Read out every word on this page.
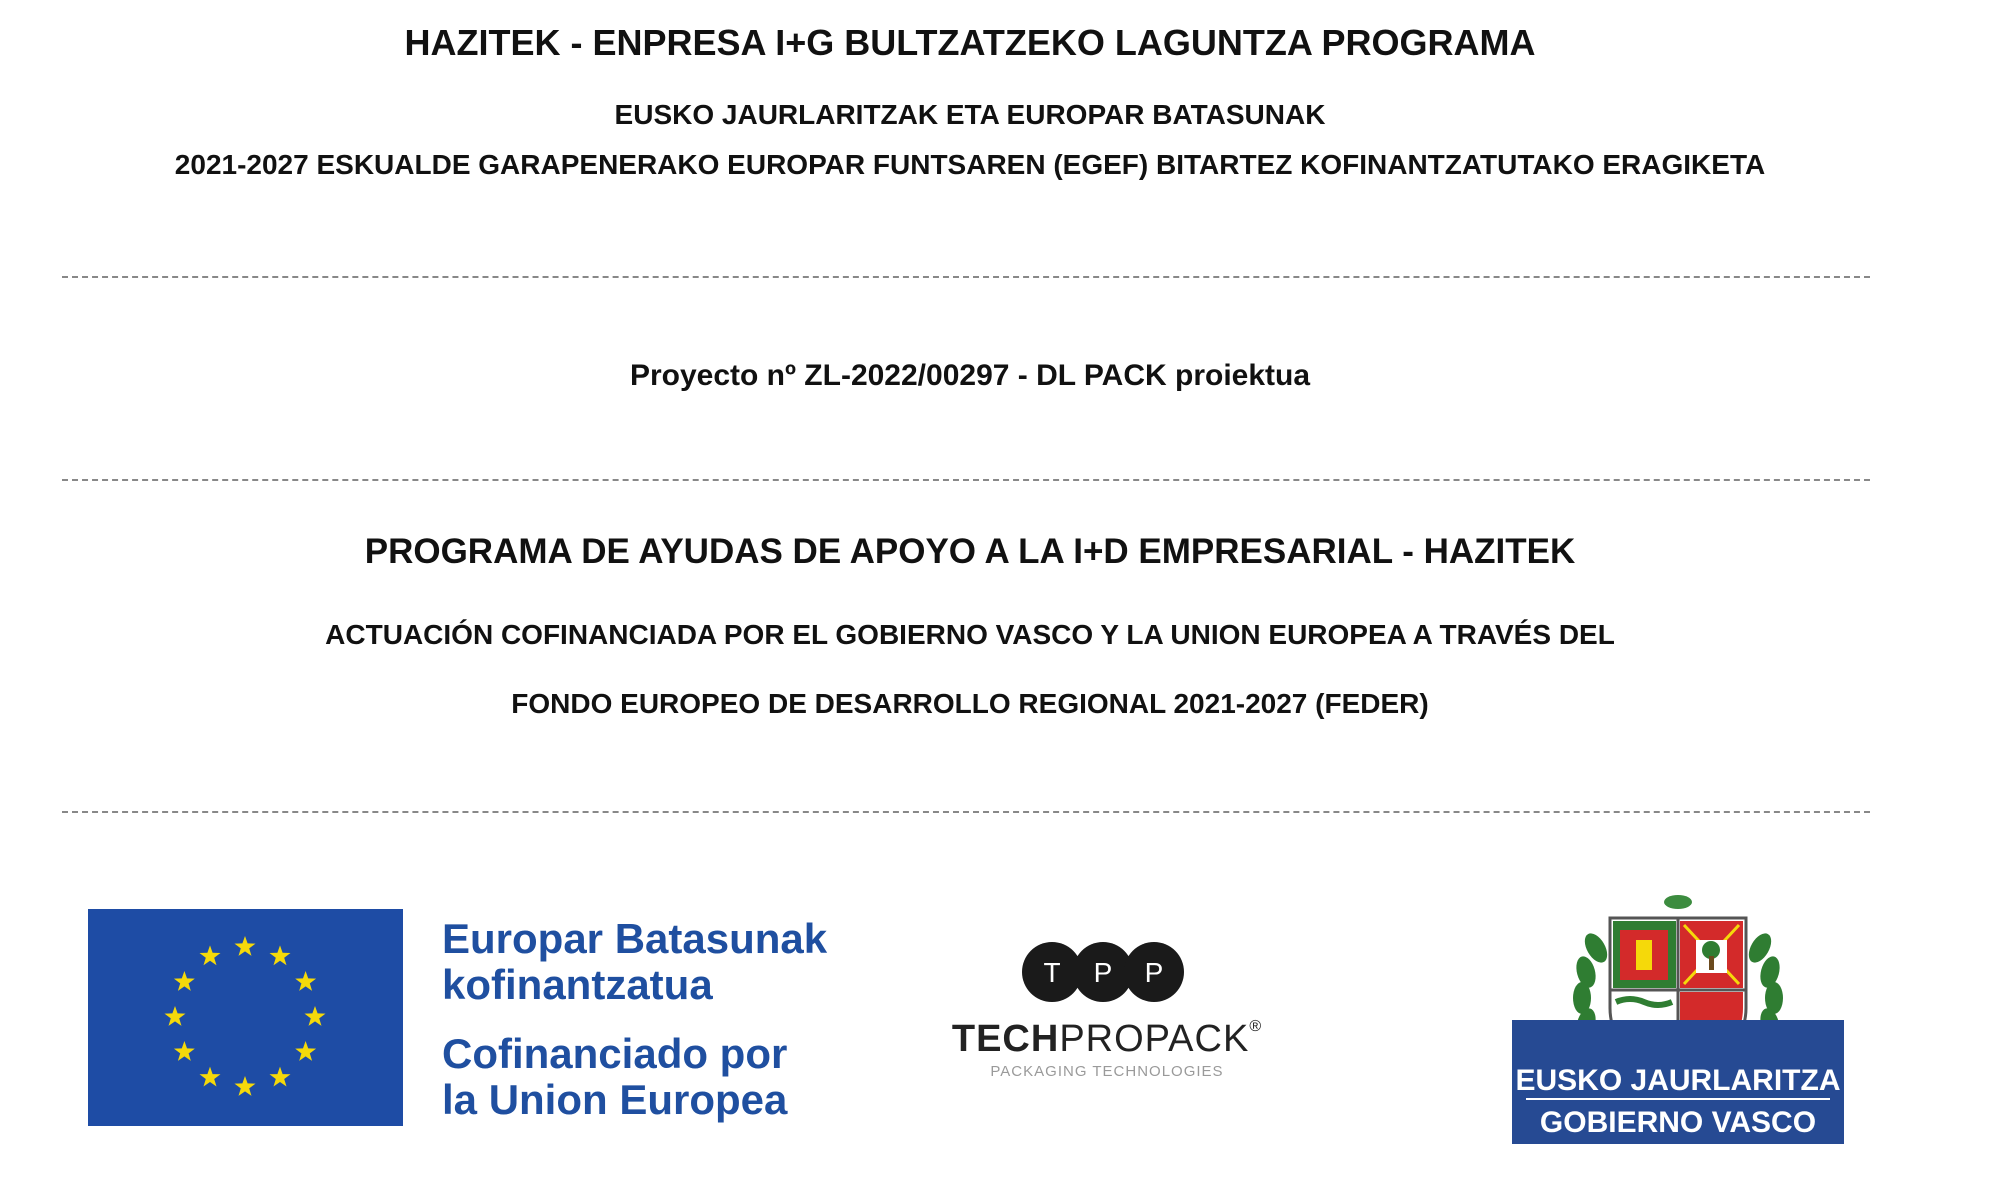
HAZITEK - ENPRESA I+G BULTZATZEKO LAGUNTZA PROGRAMA
EUSKO JAURLARITZAK ETA EUROPAR BATASUNAK
2021-2027 ESKUALDE GARAPENERAKO EUROPAR FUNTSAREN (EGEF) BITARTEZ KOFINANTZATUTAKO ERAGIKETA
Proyecto nº ZL-2022/00297 - DL PACK proiektua
PROGRAMA DE AYUDAS DE APOYO A LA I+D EMPRESARIAL - HAZITEK
ACTUACIÓN COFINANCIADA POR EL GOBIERNO VASCO Y LA UNION EUROPEA A TRAVÉS DEL
FONDO EUROPEO DE DESARROLLO REGIONAL 2021-2027 (FEDER)
Europar Batasunak
kofinantzatua
Cofinanciado por
la Union Europea
T P P
TECHPROPACK®
PACKAGING TECHNOLOGIES	EUSKO JAURLARITZA
GOBIERNO VASCO
